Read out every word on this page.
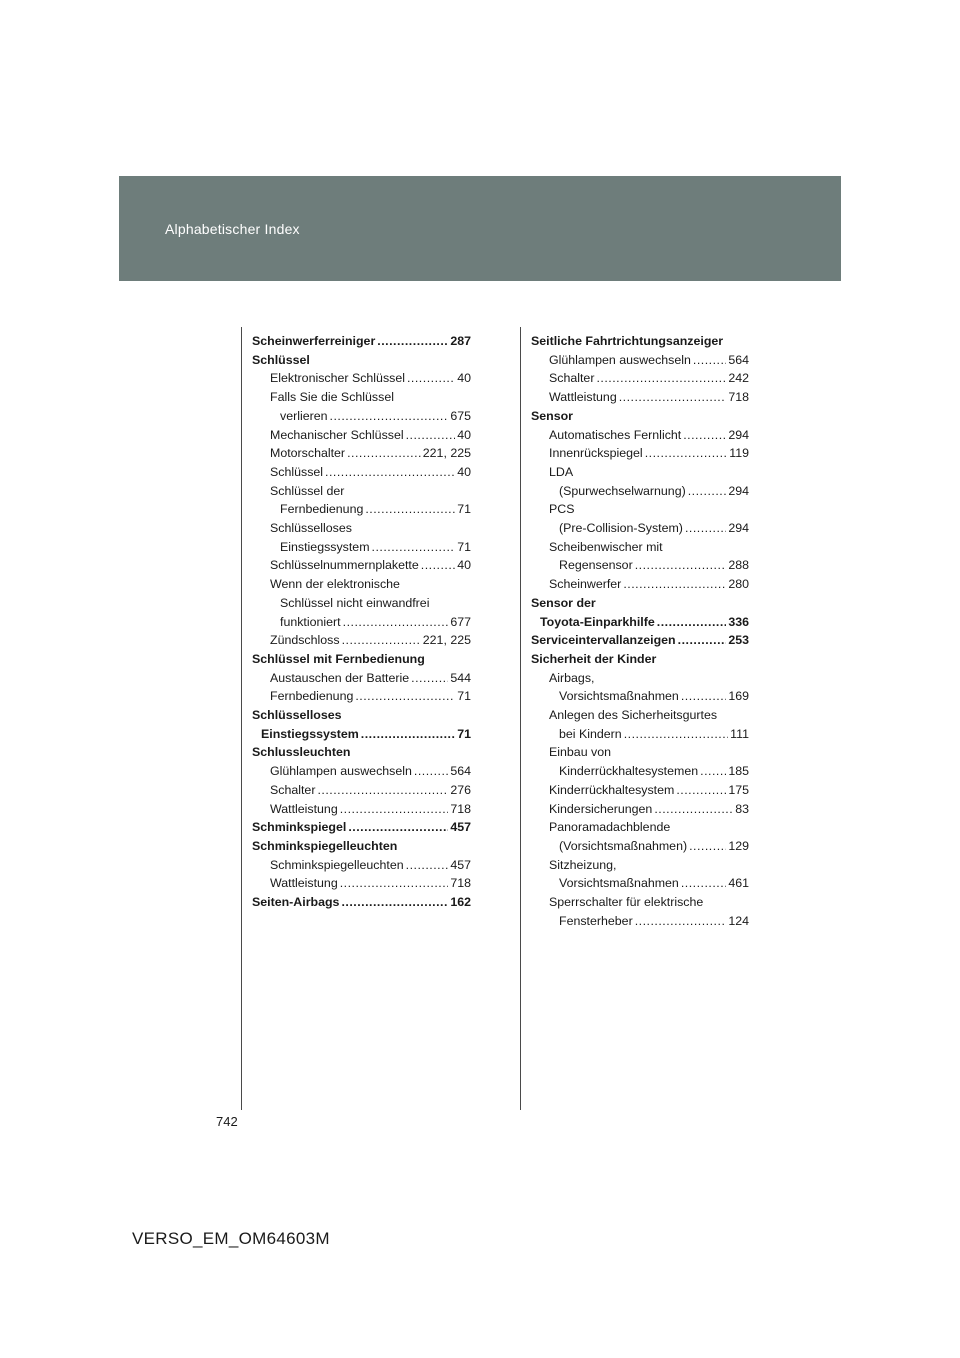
Alphabetischer Index
Scheinwerferreiniger .....	287
Schlüssel
Elektronischer Schlüssel .....	40
Falls Sie die Schlüssel
verlieren .....	675
Mechanischer Schlüssel .....	40
Motorschalter .....	221, 225
Schlüssel .....	40
Schlüssel der
Fernbedienung .....	71
Schlüsselloses
Einstiegssystem .....	71
Schlüsselnummernplakette .....	40
Wenn der elektronische
Schlüssel nicht einwandfrei
funktioniert .....	677
Zündschloss .....	221, 225
Schlüssel mit Fernbedienung
Austauschen der Batterie .....	544
Fernbedienung .....	71
Schlüsselloses
Einstiegssystem .....	71
Schlussleuchten
Glühlampen auswechseln .....	564
Schalter .....	276
Wattleistung .....	718
Schminkspiegel .....	457
Schminkspiegelleuchten
Schminkspiegelleuchten .....	457
Wattleistung .....	718
Seiten-Airbags .....	162
Seitliche Fahrtrichtungsanzeiger
Glühlampen auswechseln .....	564
Schalter .....	242
Wattleistung .....	718
Sensor
Automatisches Fernlicht .....	294
Innenrückspiegel .....	119
LDA
(Spurwechselwarnung) .....	294
PCS
(Pre-Collision-System) .....	294
Scheibenwischer mit
Regensensor .....	288
Scheinwerfer .....	280
Sensor der
Toyota-Einparkhilfe .....	336
Serviceintervallanzeigen .....	253
Sicherheit der Kinder
Airbags,
Vorsichtsmaßnahmen .....	169
Anlegen des Sicherheitsgurtes
bei Kindern .....	111
Einbau von
Kinderrückhaltesystemen ..... 185
Kinderrückhaltesystem .....	175
Kindersicherungen .....	83
Panoramadachblende
(Vorsichtsmaßnahmen) .....	129
Sitzheizung,
Vorsichtsmaßnahmen .....	461
Sperrschalter für elektrische
Fensterheber .....	124
742
VERSO_EM_OM64603M
